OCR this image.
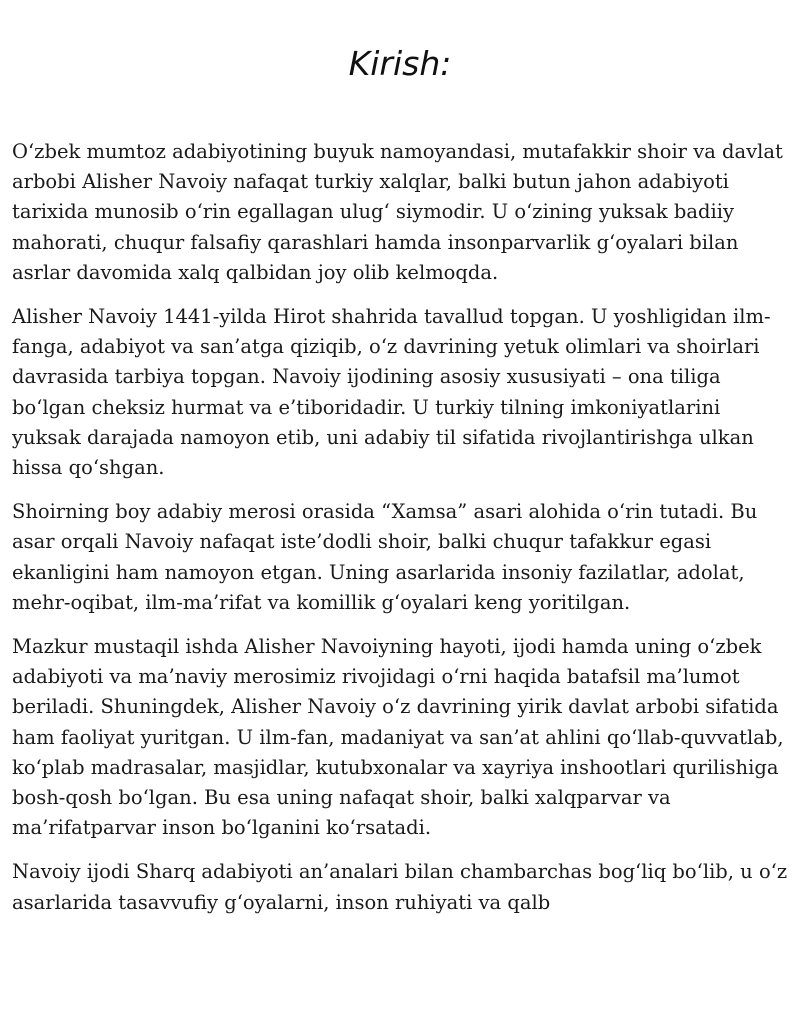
Kirish:

O‘zbek mumtoz adabiyotining buyuk namoyandasi, mutafakkir shoir va davlat arbobi Alisher Navoiy nafaqat turkiy xalqlar, balki butun jahon adabiyoti tarixida munosib o‘rin egallagan ulug‘ siymodir. U o‘zining yuksak badiiy mahorati, chuqur falsafiy qarashlari hamda insonparvarlik g‘oyalari bilan asrlar davomida xalq qalbidan joy olib kelmoqda.

Alisher Navoiy 1441-yilda Hirot shahrida tavallud topgan. U yoshligidan ilm-fanga, adabiyot va san’atga qiziqib, o‘z davrining yetuk olimlari va shoirlari davrasida tarbiya topgan. Navoiy ijodining asosiy xususiyati – ona tiliga bo‘lgan cheksiz hurmat va e’tiboridadir. U turkiy tilning imkoniyatlarini yuksak darajada namoyon etib, uni adabiy til sifatida rivojlantirishga ulkan hissa qo‘shgan.

Shoirning boy adabiy merosi orasida “Xamsa” asari alohida o‘rin tutadi. Bu asar orqali Navoiy nafaqat iste’dodli shoir, balki chuqur tafakkur egasi ekanligini ham namoyon etgan. Uning asarlarida insoniy fazilatlar, adolat, mehr-oqibat, ilm-ma’rifat va komillik g‘oyalari keng yoritilgan.

Mazkur mustaqil ishda Alisher Navoiyning hayoti, ijodi hamda uning o‘zbek adabiyoti va ma’naviy merosimiz rivojidagi o‘rni haqida batafsil ma’lumot beriladi. Shuningdek, Alisher Navoiy o‘z davrining yirik davlat arbobi sifatida ham faoliyat yuritgan. U ilm-fan, madaniyat va san’at ahlini qo‘llab-quvvatlab, ko‘plab madrasalar, masjidlar, kutubxonalar va xayriya inshootlari qurilishiga bosh-qosh bo‘lgan. Bu esa uning nafaqat shoir, balki xalqparvar va ma’rifatparvar inson bo‘lganini ko‘rsatadi.

Navoiy ijodi Sharq adabiyoti an’analari bilan chambarchas bog‘liq bo‘lib, u o‘z asarlarida tasavvufiy g‘oyalarni, inson ruhiyati va qalb
